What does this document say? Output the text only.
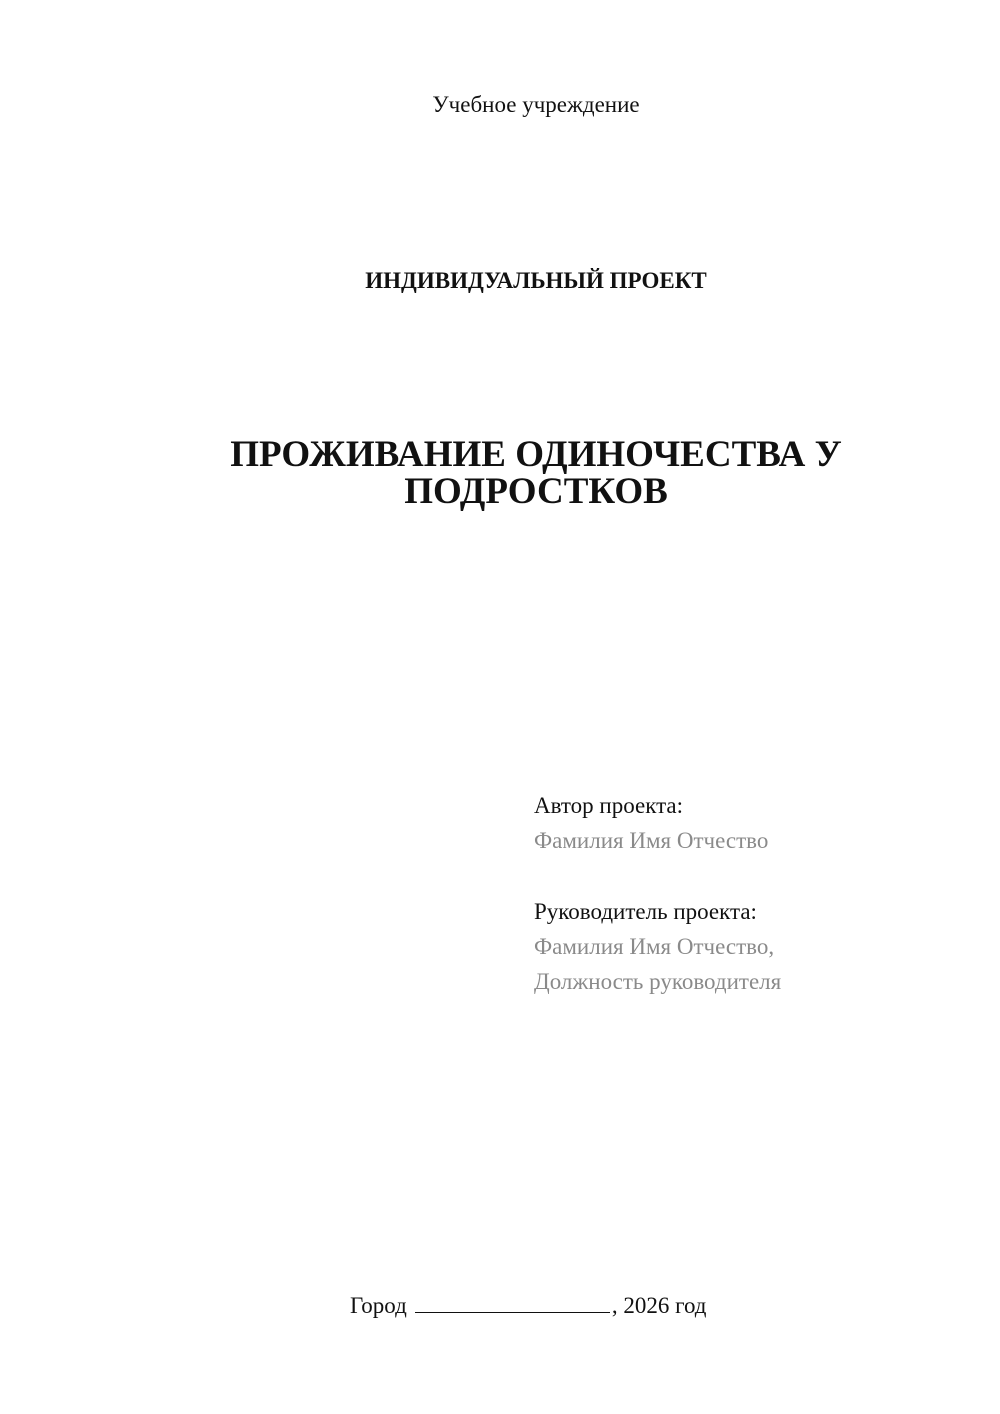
Учебное учреждение
ИНДИВИДУАЛЬНЫЙ ПРОЕКТ
ПРОЖИВАНИЕ ОДИНОЧЕСТВА У
ПОДРОСТКОВ
Автор проекта:
Фамилия Имя Отчество
Руководитель проекта:
Фамилия Имя Отчество,
Должность руководителя
Город	, 2026 год
